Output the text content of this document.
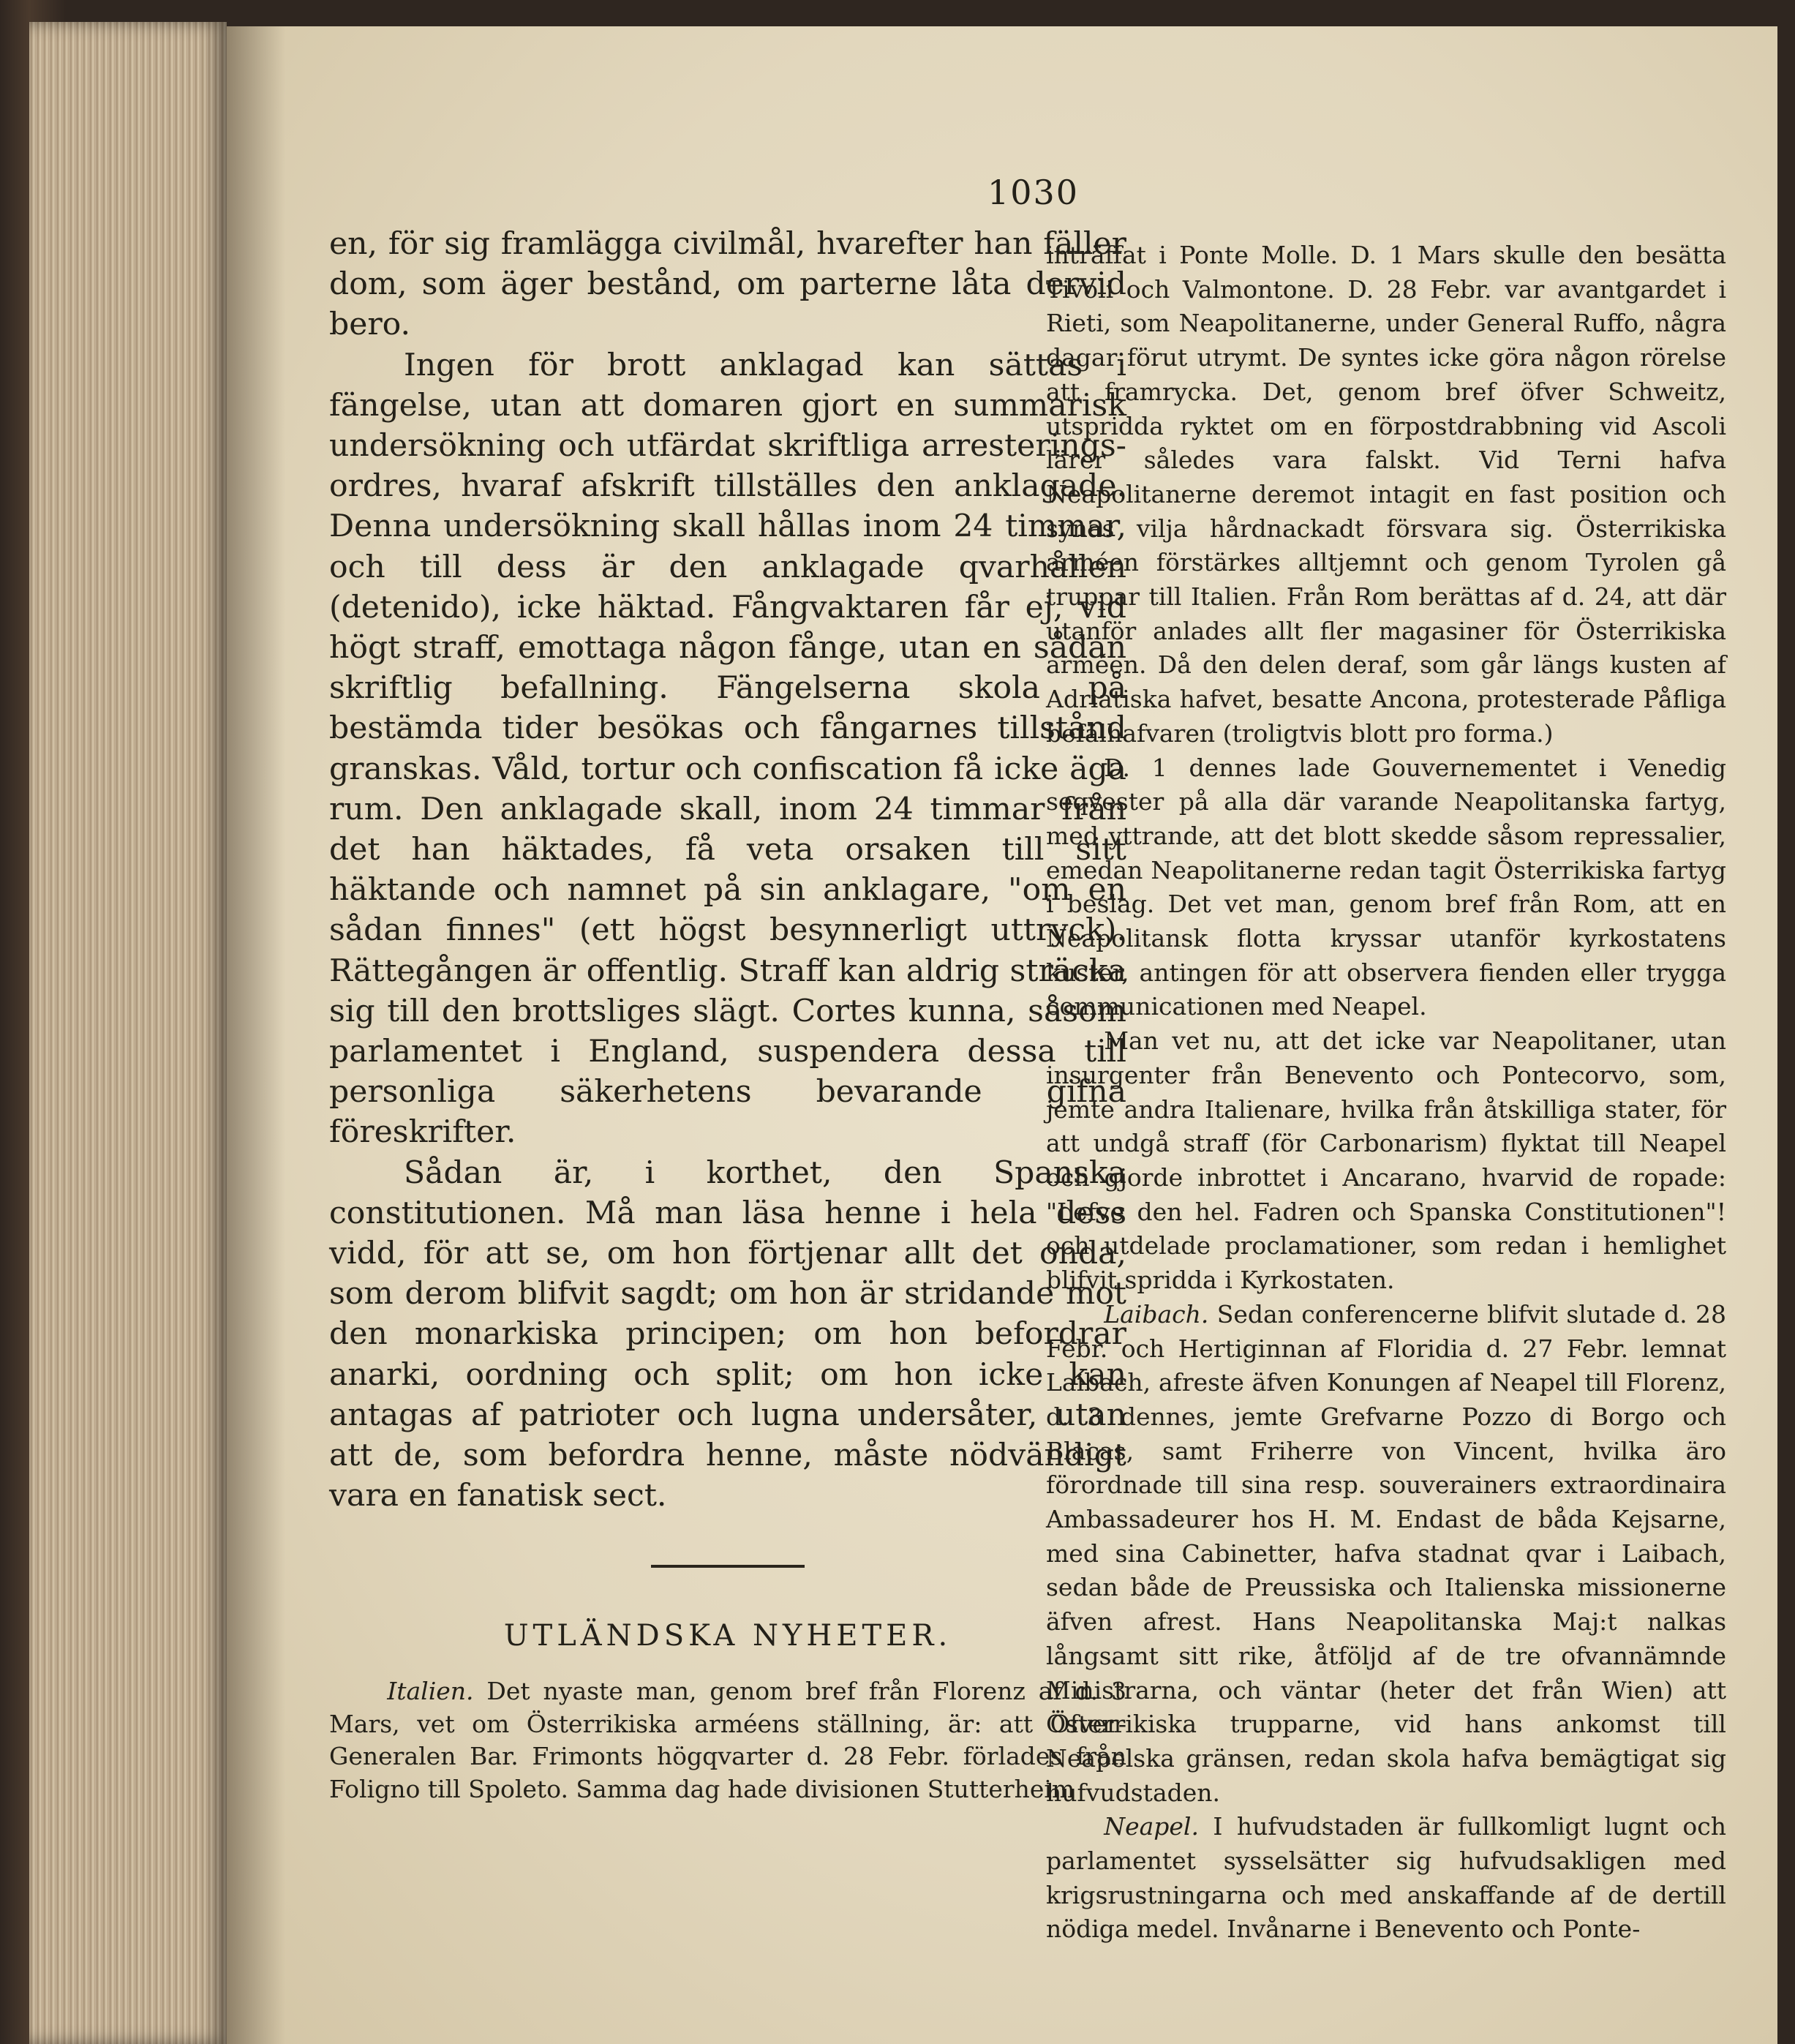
1030

en, för sig framlägga civilmål, hvarefter han fäller dom, som äger bestånd, om parterne låta dervid bero.

Ingen för brott anklagad kan sättas i fängelse, utan att domaren gjort en summarisk undersökning och utfärdat skriftliga arresterings-ordres, hvaraf afskrift tillställes den anklagade. Denna undersökning skall hållas inom 24 timmar, och till dess är den anklagade qvarhållen (detenido), icke häktad. Fångvaktaren får ej, vid högt straff, emottaga någon fånge, utan en sådan skriftlig befallning. Fängelserna skola på bestämda tider besökas och fångarnes tillstånd granskas. Våld, tortur och confiscation få icke äga rum. Den anklagade skall, inom 24 timmar från det han häktades, få veta orsaken till sitt häktande och namnet på sin anklagare, "om en sådan finnes" (ett högst besynnerligt uttryck). Rättegången är offentlig. Straff kan aldrig sträcka sig till den brottsliges slägt. Cortes kunna, såsom parlamentet i England, suspendera dessa till personliga säkerhetens bevarande gifna föreskrifter.

Sådan är, i korthet, den Spanska constitutionen. Må man läsa henne i hela dess vidd, för att se, om hon förtjenar allt det onda, som derom blifvit sagdt; om hon är stridande mot den monarkiska principen; om hon befordrar anarki, oordning och split; om hon icke kan antagas af patrioter och lugna undersåter, utan att de, som befordra henne, måste nödvändigt vara en fanatisk sect.

UTLÄNDSKA NYHETER.

Italien. Det nyaste man, genom bref från Florenz af d. 3 Mars, vet om Österrikiska arméens ställning, är: att Öfver-Generalen Bar. Frimonts högqvarter d. 28 Febr. förlades från Foligno till Spoleto. Samma dag hade divisionen Stutterheim

inträffat i Ponte Molle. D. 1 Mars skulle den besätta Tivoli och Valmontone. D. 28 Febr. var avantgardet i Rieti, som Neapolitanerne, under General Ruffo, några dagar förut utrymt. De syntes icke göra någon rörelse att framrycka. Det, genom bref öfver Schweitz, utspridda ryktet om en förpostdrabbning vid Ascoli lärer således vara falskt. Vid Terni hafva Neapolitanerne deremot intagit en fast position och synas vilja hårdnackadt försvara sig. Österrikiska arméen förstärkes alltjemnt och genom Tyrolen gå truppar till Italien. Från Rom berättas af d. 24, att där utanför anlades allt fler magasiner för Österrikiska arméen. Då den delen deraf, som går längs kusten af Adriatiska hafvet, besatte Ancona, protesterade Påfliga befälhafvaren (troligtvis blott pro forma.)

D. 1 dennes lade Gouvernementet i Venedig seqvester på alla där varande Neapolitanska fartyg, med yttrande, att det blott skedde såsom repressalier, emedan Neapolitanerne redan tagit Österrikiska fartyg i beslag. Det vet man, genom bref från Rom, att en Neapolitansk flotta kryssar utanför kyrkostatens kuster, antingen för att observera fienden eller trygga communicationen med Neapel.

Man vet nu, att det icke var Neapolitaner, utan insurgenter från Benevento och Pontecorvo, som, jemte andra Italienare, hvilka från åtskilliga stater, för att undgå straff (för Carbonarism) flyktat till Neapel och gjorde inbrottet i Ancarano, hvarvid de ropade: "Lefve den hel. Fadren och Spanska Constitutionen"! och utdelade proclamationer, som redan i hemlighet blifvit spridda i Kyrkostaten.

Laibach. Sedan conferencerne blifvit slutade d. 28 Febr. och Hertiginnan af Floridia d. 27 Febr. lemnat Laibach, afreste äfven Konungen af Neapel till Florenz, d. 3 dennes, jemte Grefvarne Pozzo di Borgo och Blacas, samt Friherre von Vincent, hvilka äro förordnade till sina resp. souverainers extraordinaira Ambassadeurer hos H. M. Endast de båda Kejsarne, med sina Cabinetter, hafva stadnat qvar i Laibach, sedan både de Preussiska och Italienska missionerne äfven afrest. Hans Neapolitanska Maj:t nalkas långsamt sitt rike, åtföljd af de tre ofvannämnde Ministrarna, och väntar (heter det från Wien) att Österrikiska trupparne, vid hans ankomst till Neapelska gränsen, redan skola hafva bemägtigat sig hufvudstaden.

Neapel. I hufvudstaden är fullkomligt lugnt och parlamentet sysselsätter sig hufvudsakligen med krigsrustningarna och med anskaffande af de dertill nödiga medel. Invånarne i Benevento och Ponte-
